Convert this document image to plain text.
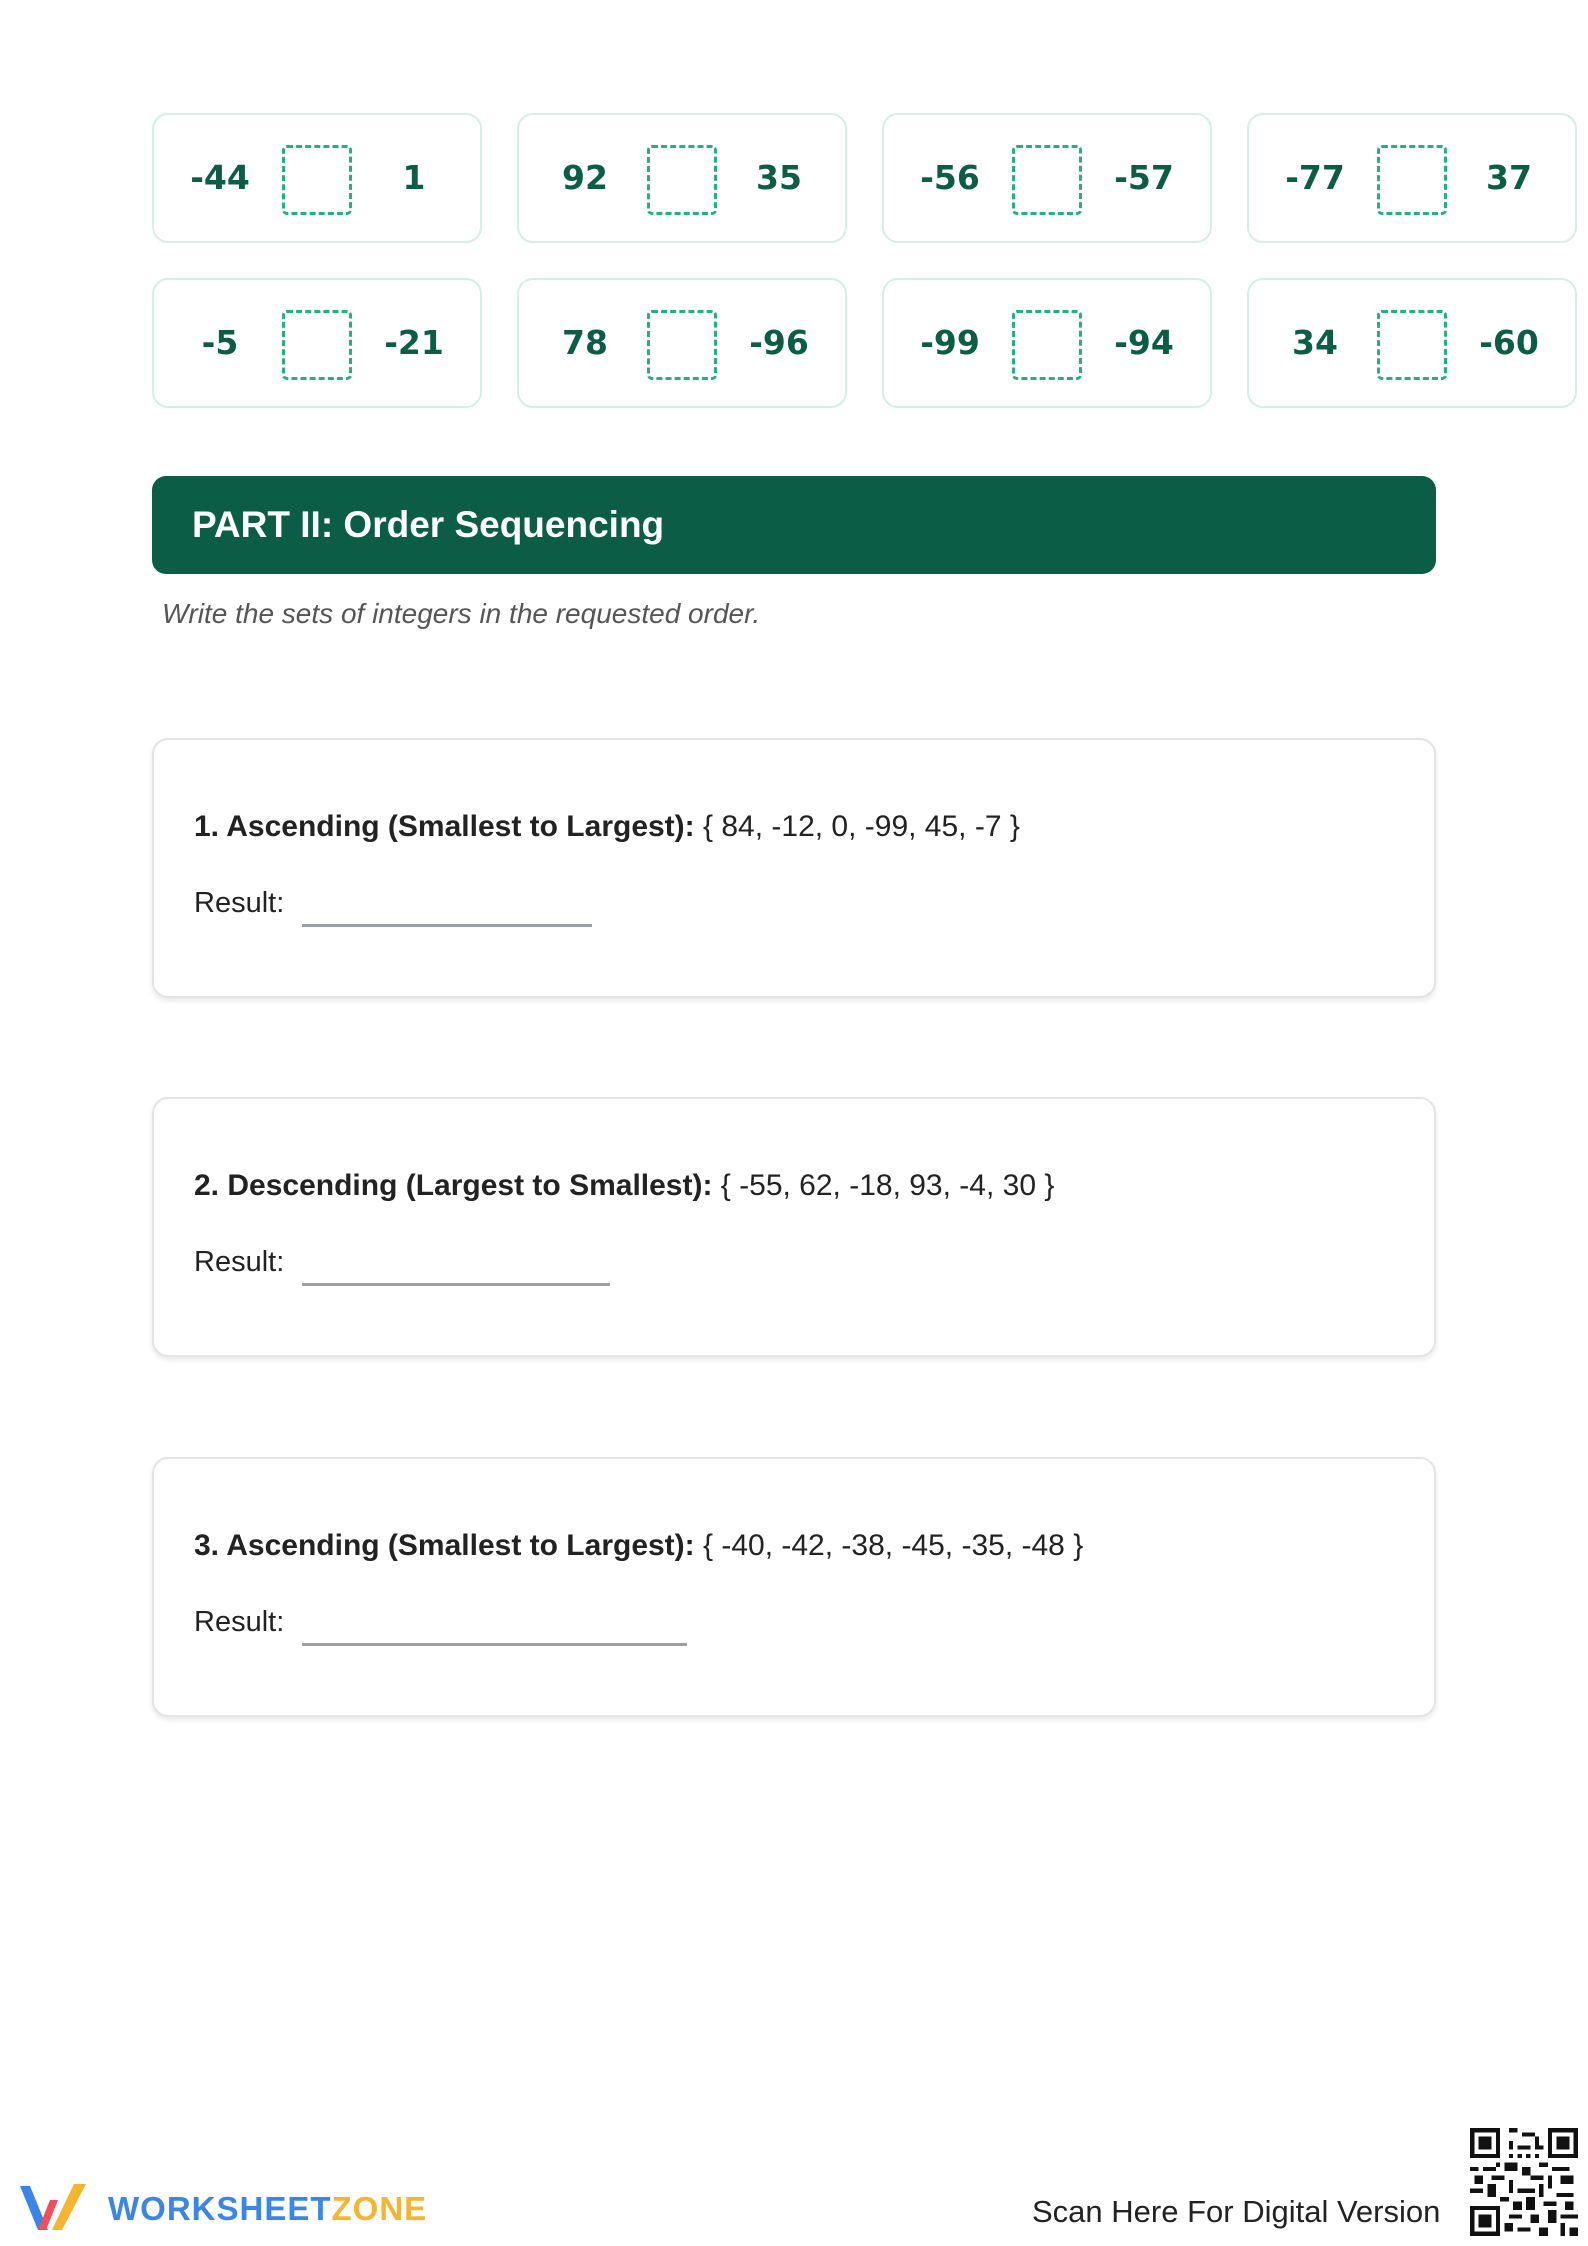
-44	1	92	35	-56	-57	-77	37
-5	-21	78	-96	-99	-94	34	-60
PART II: Order Sequencing
Write the sets of integers in the requested order.
1. Ascending (Smallest to Largest): { 84, -12, 0, -99, 45, -7 }
Result:
2. Descending (Largest to Smallest): { -55, 62, -18, 93, -4, 30 }
Result:
3. Ascending (Smallest to Largest): { -40, -42, -38, -45, -35, -48 }
Result:
WORKSHEETZONE	Scan Here For Digital Version
